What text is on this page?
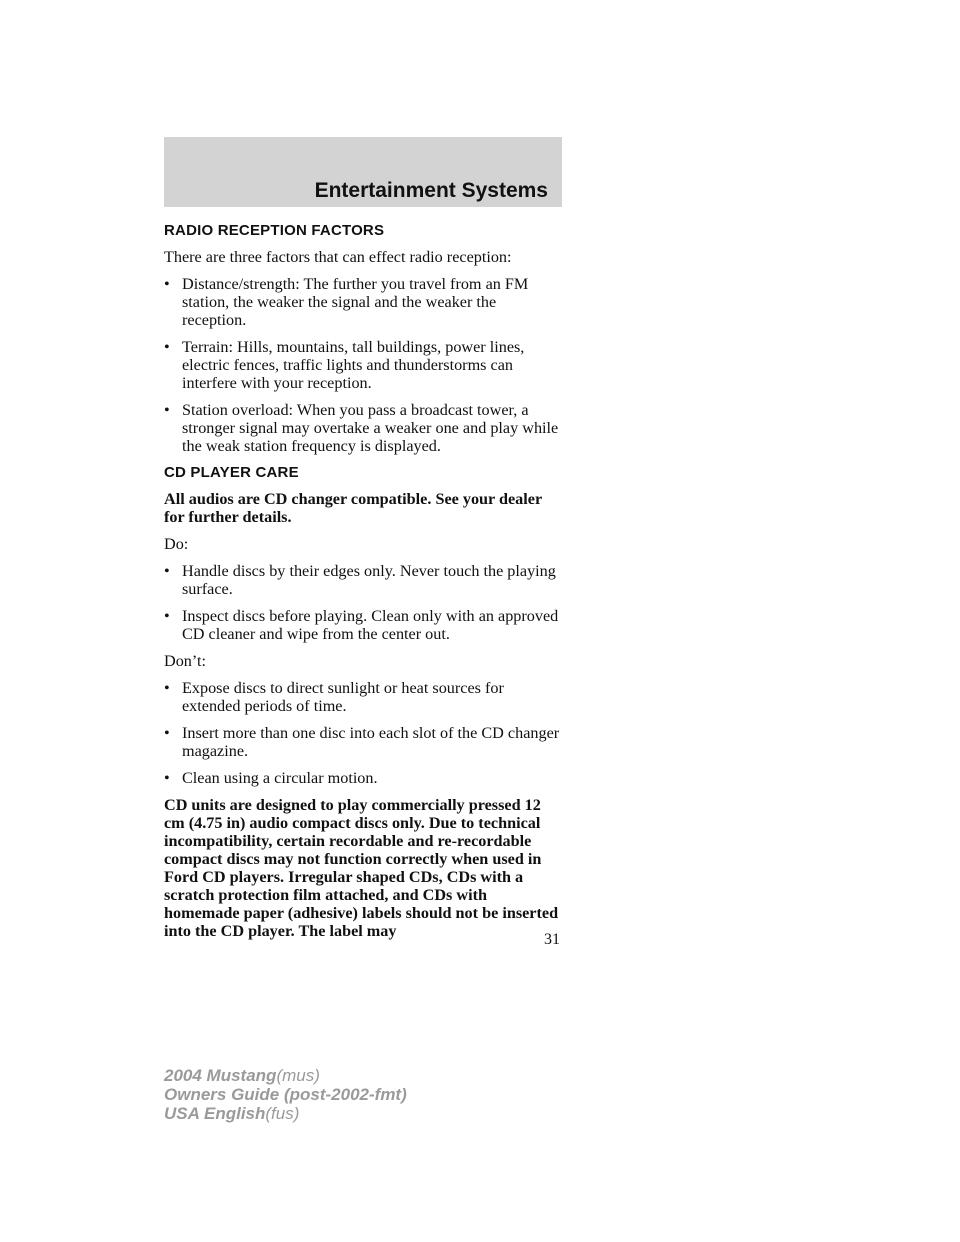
Entertainment Systems
RADIO RECEPTION FACTORS

There are three factors that can effect radio reception:

• Distance/strength: The further you travel from an FM station, the weaker the signal and the weaker the reception.
• Terrain: Hills, mountains, tall buildings, power lines, electric fences, traffic lights and thunderstorms can interfere with your reception.
• Station overload: When you pass a broadcast tower, a stronger signal may overtake a weaker one and play while the weak station frequency is displayed.
CD PLAYER CARE

All audios are CD changer compatible. See your dealer for further details.

Do:

• Handle discs by their edges only. Never touch the playing surface.
• Inspect discs before playing. Clean only with an approved CD cleaner and wipe from the center out.

Don’t:

• Expose discs to direct sunlight or heat sources for extended periods of time.
• Insert more than one disc into each slot of the CD changer magazine.
• Clean using a circular motion.

CD units are designed to play commercially pressed 12 cm (4.75 in) audio compact discs only. Due to technical incompatibility, certain recordable and re-recordable compact discs may not function correctly when used in Ford CD players. Irregular shaped CDs, CDs with a scratch protection film attached, and CDs with homemade paper (adhesive) labels should not be inserted into the CD player. The label may	31
2004 Mustang(mus)
Owners Guide (post-2002-fmt)
USA English(fus)
